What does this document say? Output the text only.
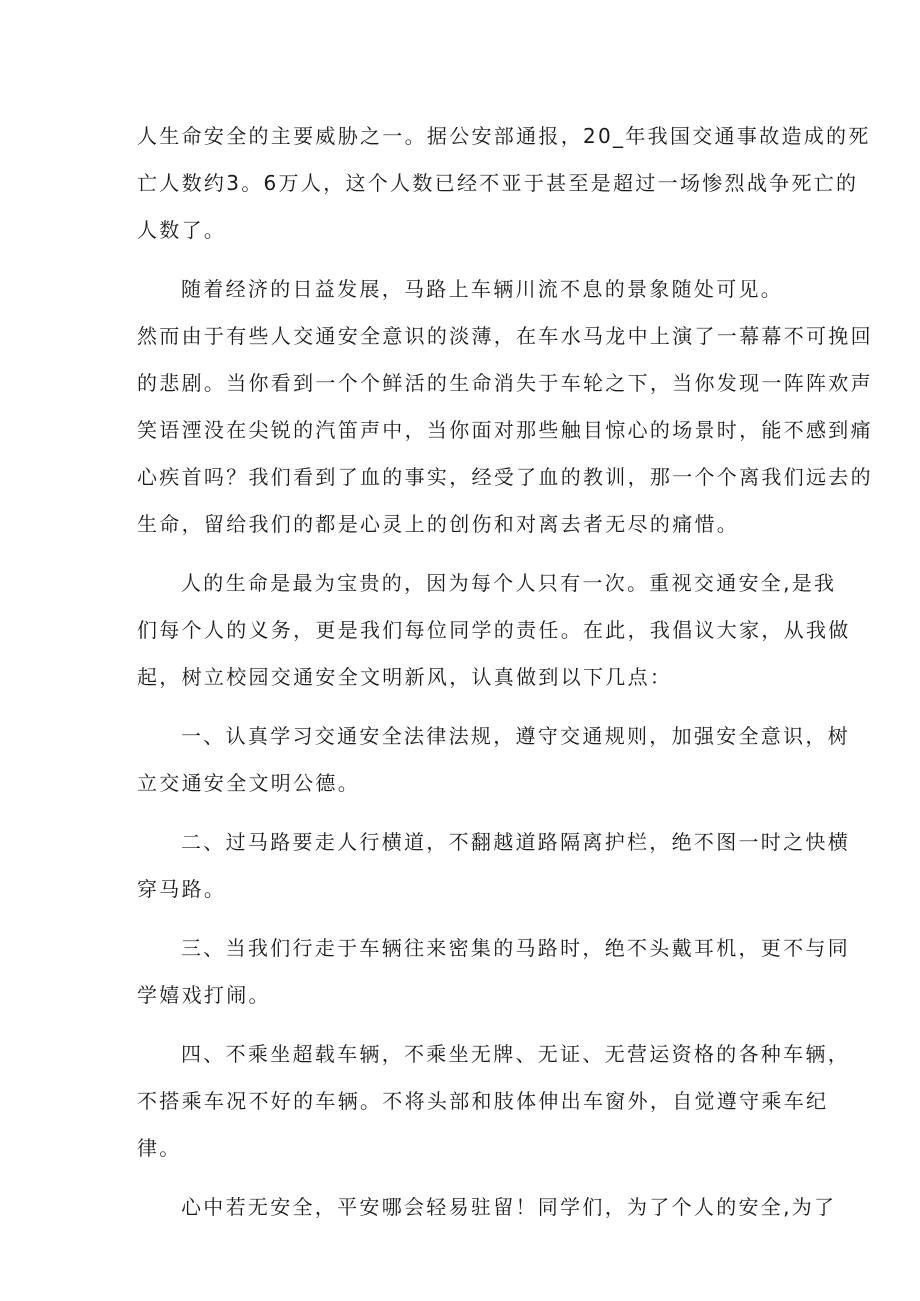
人生命安全的主要威胁之一。据公安部通报，20_年我国交通事故造成的死
亡人数约3。6万人，这个人数已经不亚于甚至是超过一场惨烈战争死亡的
人数了。
随着经济的日益发展，马路上车辆川流不息的景象随处可见。
然而由于有些人交通安全意识的淡薄，在车水马龙中上演了一幕幕不可挽回
的悲剧。当你看到一个个鲜活的生命消失于车轮之下，当你发现一阵阵欢声
笑语湮没在尖锐的汽笛声中，当你面对那些触目惊心的场景时，能不感到痛
心疾首吗？我们看到了血的事实，经受了血的教训，那一个个离我们远去的
生命，留给我们的都是心灵上的创伤和对离去者无尽的痛惜。
人的生命是最为宝贵的，因为每个人只有一次。重视交通安全,是我
们每个人的义务，更是我们每位同学的责任。在此，我倡议大家，从我做
起，树立校园交通安全文明新风，认真做到以下几点：
一、认真学习交通安全法律法规，遵守交通规则，加强安全意识，树
立交通安全文明公德。
二、过马路要走人行横道，不翻越道路隔离护栏，绝不图一时之快横
穿马路。
三、当我们行走于车辆往来密集的马路时，绝不头戴耳机，更不与同
学嬉戏打闹。
四、不乘坐超载车辆，不乘坐无牌、无证、无营运资格的各种车辆，
不搭乘车况不好的车辆。不将头部和肢体伸出车窗外，自觉遵守乘车纪
律。
心中若无安全，平安哪会轻易驻留！同学们，为了个人的安全,为了
